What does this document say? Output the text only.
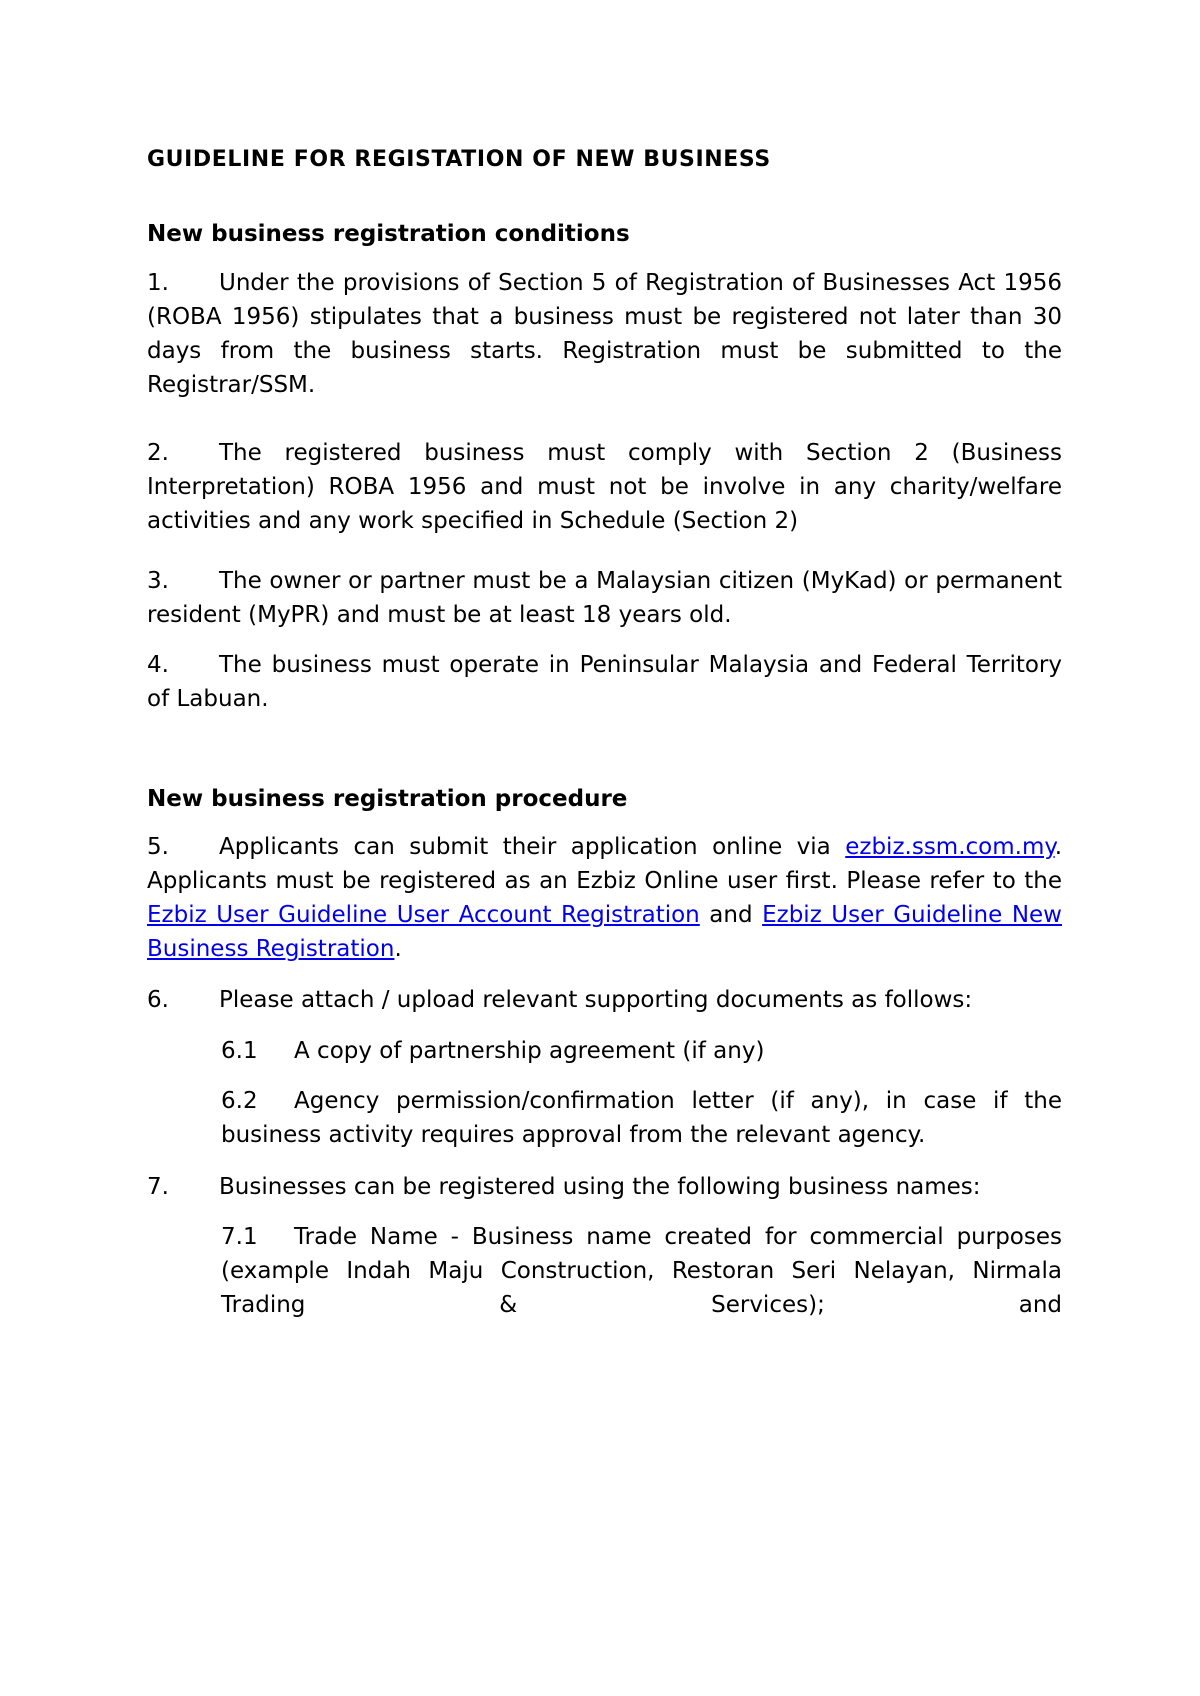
GUIDELINE FOR REGISTATION OF NEW BUSINESS
New business registration conditions

1. Under the provisions of Section 5 of Registration of Businesses Act 1956 (ROBA 1956) stipulates that a business must be registered not later than 30 days from the business starts. Registration must be submitted to the Registrar/SSM.

2. The registered business must comply with Section 2 (Business Interpretation) ROBA 1956 and must not be involve in any charity/welfare activities and any work specified in Schedule (Section 2)

3. The owner or partner must be a Malaysian citizen (MyKad) or permanent resident (MyPR) and must be at least 18 years old.

4. The business must operate in Peninsular Malaysia and Federal Territory of Labuan.

New business registration procedure

5. Applicants can submit their application online via ezbiz.ssm.com.my. Applicants must be registered as an Ezbiz Online user first. Please refer to the Ezbiz User Guideline User Account Registration and Ezbiz User Guideline New Business Registration.

6. Please attach / upload relevant supporting documents as follows:

6.1 A copy of partnership agreement (if any)

6.2 Agency permission/confirmation letter (if any), in case if the business activity requires approval from the relevant agency.

7. Businesses can be registered using the following business names:

7.1 Trade Name - Business name created for commercial purposes (example Indah Maju Construction, Restoran Seri Nelayan, Nirmala Trading & Services); and
